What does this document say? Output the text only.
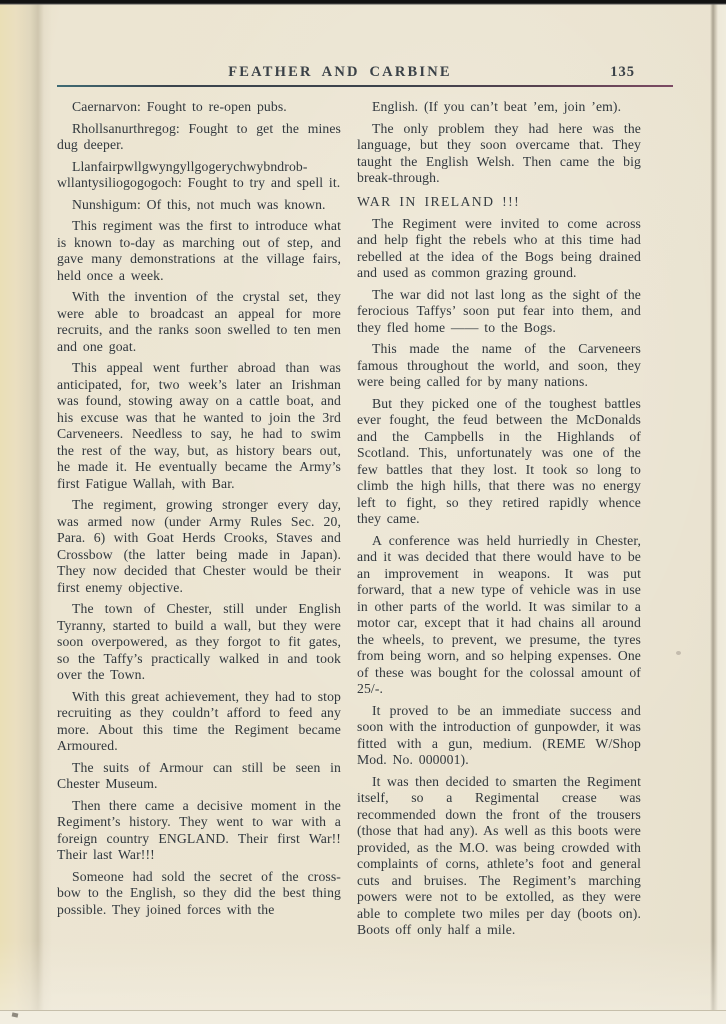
FEATHER AND CARBINE	135

Caernarvon: Fought to re-open pubs.

Rhollsanurthregog: Fought to get the mines dug deeper.

Llanfairpwllgwyngyllgogerychwybndrob-wllantysiliogogogoch: Fought to try and spell it.

Nunshigum: Of this, not much was known.

This regiment was the first to introduce what is known to-day as marching out of step, and gave many demonstrations at the village fairs, held once a week.

With the invention of the crystal set, they were able to broadcast an appeal for more recruits, and the ranks soon swelled to ten men and one goat.

This appeal went further abroad than was anticipated, for, two week’s later an Irishman was found, stowing away on a cattle boat, and his excuse was that he wanted to join the 3rd Carveneers. Needless to say, he had to swim the rest of the way, but, as history bears out, he made it. He eventually became the Army’s first Fatigue Wallah, with Bar.

The regiment, growing stronger every day, was armed now (under Army Rules Sec. 20, Para. 6) with Goat Herds Crooks, Staves and Crossbow (the latter being made in Japan). They now decided that Chester would be their first enemy objective.

The town of Chester, still under English Tyranny, started to build a wall, but they were soon overpowered, as they forgot to fit gates, so the Taffy’s practically walked in and took over the Town.

With this great achievement, they had to stop recruiting as they couldn’t afford to feed any more. About this time the Regiment became Armoured.

The suits of Armour can still be seen in Chester Museum.

Then there came a decisive moment in the Regiment’s history. They went to war with a foreign country ENGLAND. Their first War!! Their last War!!!

Someone had sold the secret of the cross-bow to the English, so they did the best thing possible. They joined forces with the

English. (If you can’t beat ’em, join ’em).

The only problem they had here was the language, but they soon overcame that. They taught the English Welsh. Then came the big break-through.

WAR IN IRELAND !!!

The Regiment were invited to come across and help fight the rebels who at this time had rebelled at the idea of the Bogs being drained and used as common grazing ground.

The war did not last long as the sight of the ferocious Taffys’ soon put fear into them, and they fled home —— to the Bogs.

This made the name of the Carveneers famous throughout the world, and soon, they were being called for by many nations.

But they picked one of the toughest battles ever fought, the feud between the McDonalds and the Campbells in the Highlands of Scotland. This, unfortunately was one of the few battles that they lost. It took so long to climb the high hills, that there was no energy left to fight, so they retired rapidly whence they came.

A conference was held hurriedly in Chester, and it was decided that there would have to be an improvement in weapons. It was put forward, that a new type of vehicle was in use in other parts of the world. It was similar to a motor car, except that it had chains all around the wheels, to prevent, we presume, the tyres from being worn, and so helping expenses. One of these was bought for the colossal amount of 25/-.

It proved to be an immediate success and soon with the introduction of gunpowder, it was fitted with a gun, medium. (REME W/Shop Mod. No. 000001).

It was then decided to smarten the Regiment itself, so a Regimental crease was recommended down the front of the trousers (those that had any). As well as this boots were provided, as the M.O. was being crowded with complaints of corns, athlete’s foot and general cuts and bruises. The Regiment’s marching powers were not to be extolled, as they were able to complete two miles per day (boots on). Boots off only half a mile.
